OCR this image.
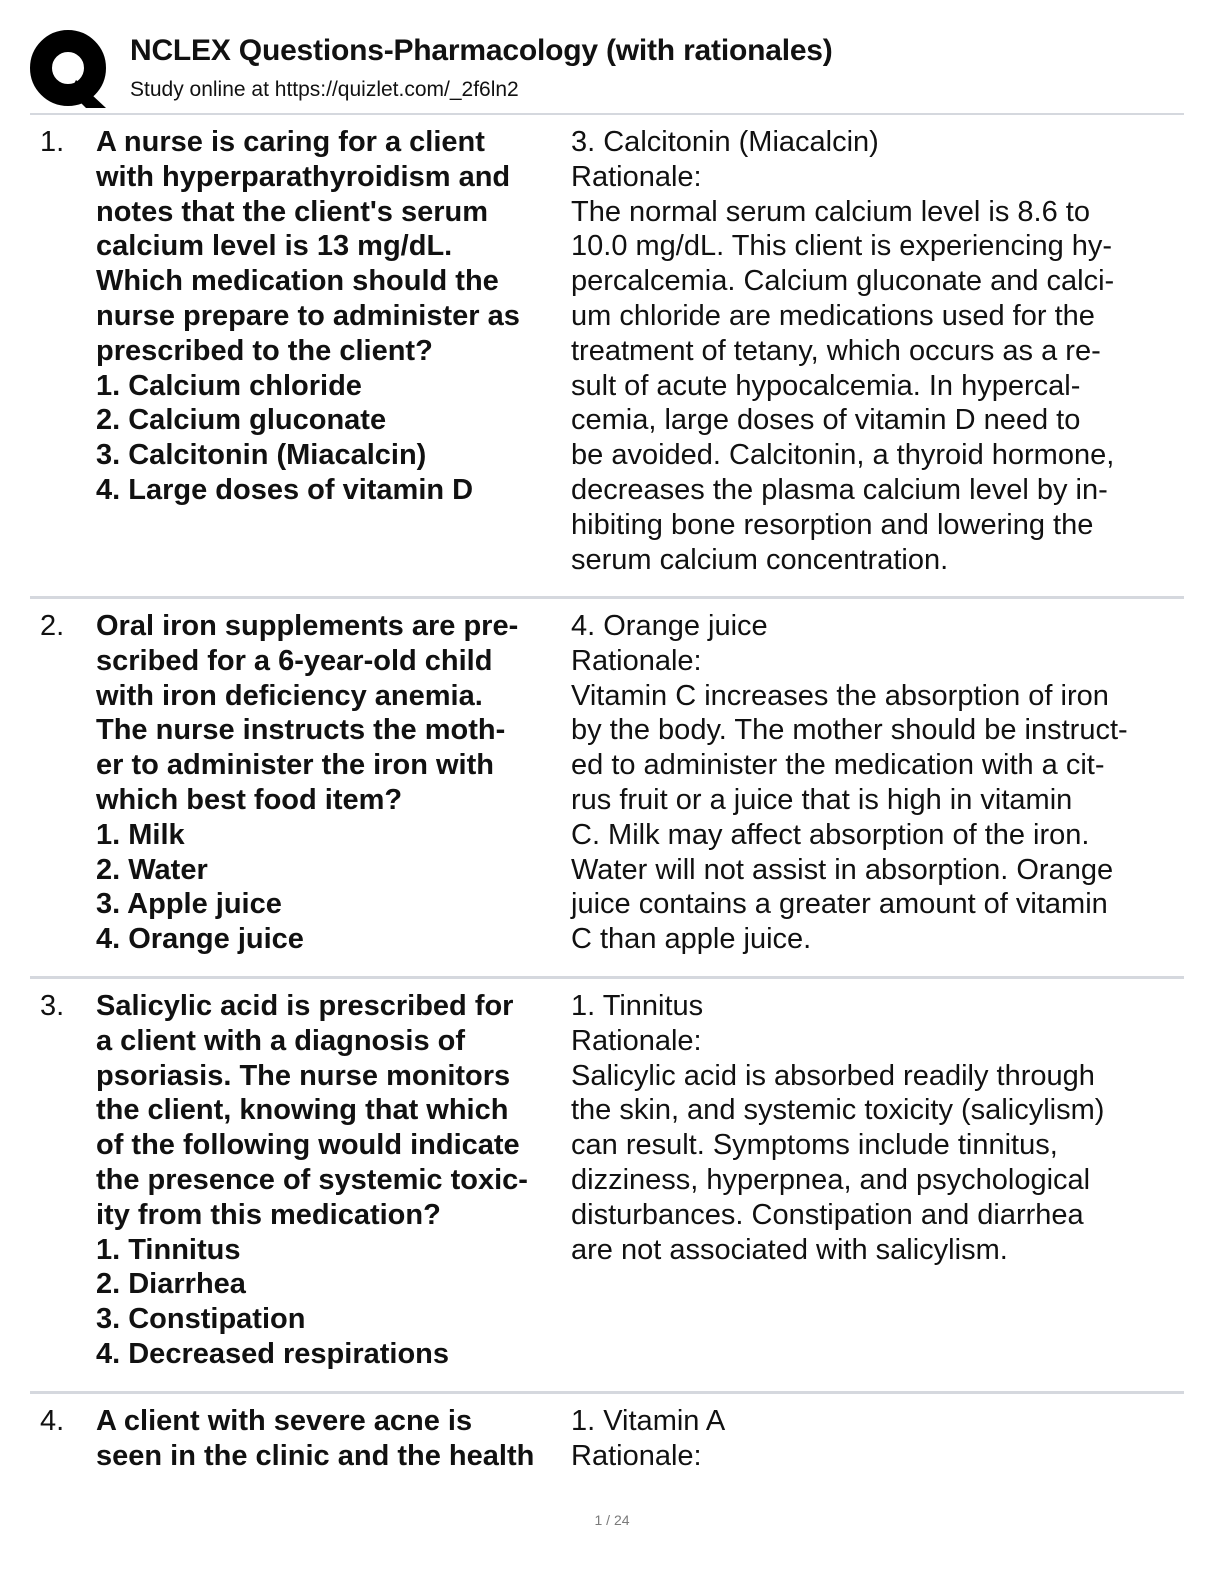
NCLEX Questions-Pharmacology (with rationales)
Study online at https://quizlet.com/_2f6ln2
1. A nurse is caring for a client
with hyperparathyroidism and
notes that the client's serum
calcium level is 13 mg/dL.
Which medication should the
nurse prepare to administer as
prescribed to the client?
1. Calcium chloride
2. Calcium gluconate
3. Calcitonin (Miacalcin)
4. Large doses of vitamin D
3. Calcitonin (Miacalcin)
Rationale:
The normal serum calcium level is 8.6 to
10.0 mg/dL. This client is experiencing hy-
percalcemia. Calcium gluconate and calci-
um chloride are medications used for the
treatment of tetany, which occurs as a re-
sult of acute hypocalcemia. In hypercal-
cemia, large doses of vitamin D need to
be avoided. Calcitonin, a thyroid hormone,
decreases the plasma calcium level by in-
hibiting bone resorption and lowering the
serum calcium concentration.
2. Oral iron supplements are pre-
scribed for a 6-year-old child
with iron deficiency anemia.
The nurse instructs the moth-
er to administer the iron with
which best food item?
1. Milk
2. Water
3. Apple juice
4. Orange juice
4. Orange juice
Rationale:
Vitamin C increases the absorption of iron
by the body. The mother should be instruct-
ed to administer the medication with a cit-
rus fruit or a juice that is high in vitamin
C. Milk may affect absorption of the iron.
Water will not assist in absorption. Orange
juice contains a greater amount of vitamin
C than apple juice.
3. Salicylic acid is prescribed for
a client with a diagnosis of
psoriasis. The nurse monitors
the client, knowing that which
of the following would indicate
the presence of systemic toxic-
ity from this medication?
1. Tinnitus
2. Diarrhea
3. Constipation
4. Decreased respirations
1. Tinnitus
Rationale:
Salicylic acid is absorbed readily through
the skin, and systemic toxicity (salicylism)
can result. Symptoms include tinnitus,
dizziness, hyperpnea, and psychological
disturbances. Constipation and diarrhea
are not associated with salicylism.
4. A client with severe acne is
seen in the clinic and the health
1. Vitamin A
Rationale:
1 / 24
